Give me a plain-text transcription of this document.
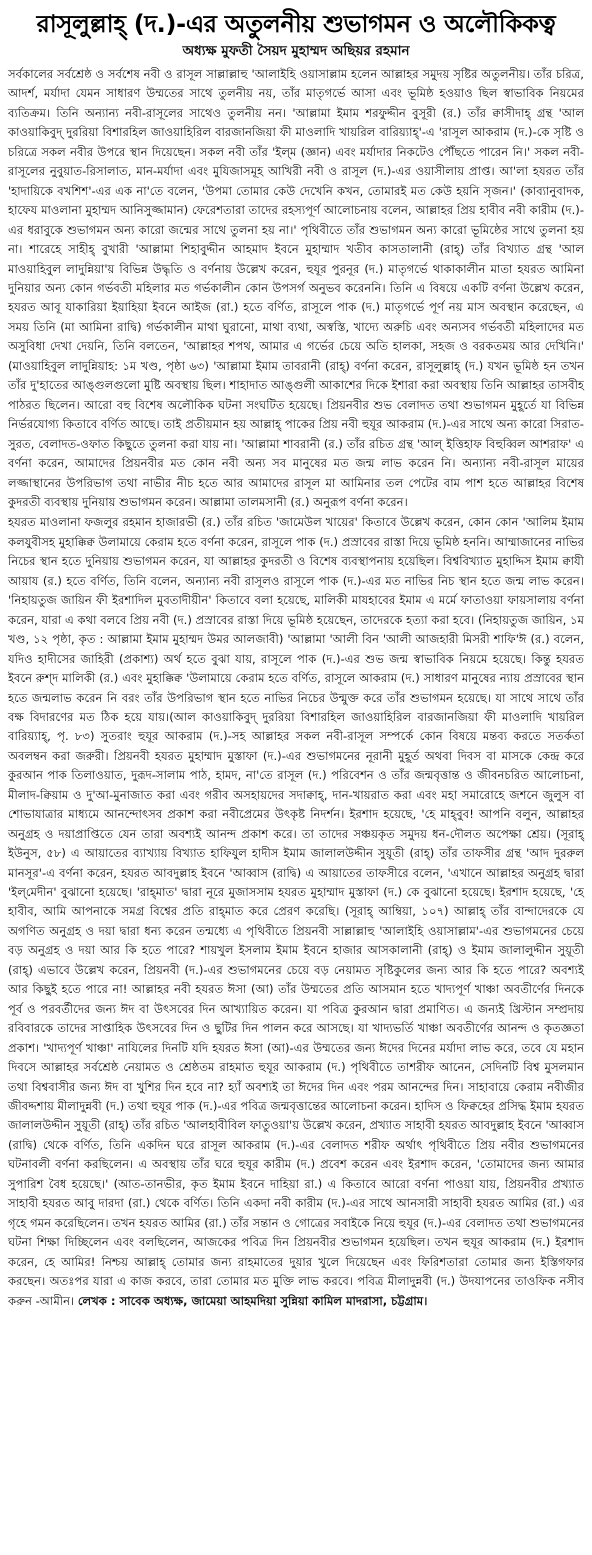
রাসূলুল্লাহ্‌ (দ.)-এর অতুলনীয় শুভাগমন ও অলৌকিকত্ব
অধ্যক্ষ মুফতী সৈয়দ মুহাম্মদ অছিয়র রহমান

সর্বকালের সর্বশ্রেষ্ঠ ও সর্বশেষ নবী ও রাসূল সাল্লাল্লাহু 'আলাইহি ওয়াসাল্লাম হলেন আল্লাহর সমুদয় সৃষ্টির অতুলনীয়। তাঁর চরিত্র, আদর্শ, মর্যাদা যেমন সাধারণ উম্মতের সাথে তুলনীয় নয়, তাঁর মাতৃগর্ভে আসা এবং ভূমিষ্ঠ হওয়াও ছিল স্বাভাবিক নিয়মের ব্যতিক্রম। তিনি অন্যান্য নবী-রাসূলের সাথেও তুলনীয় নন। 'আল্লামা ইমাম শরফুদ্দীন বুসূরী (র.) তাঁর ক্বাসীদাহ্ গ্রন্থ 'আল কাওয়াকিবুদ্ দুররিয়া বিশারহিল জাওয়াহিরিল বারজানজিয়া ফী মাওলাদি খায়রিল বারিয়্যাহ্'-এ 'রাসূল আকরাম (দ.)-কে সৃষ্টি ও চরিত্রে সকল নবীর উপরে স্থান দিয়েছেন। সকল নবী তাঁর 'ইল্‌ম (জ্ঞান) এবং মর্যাদার নিকটেও পৌঁছতে পারেন নি।' সকল নবী-রাসূলের নুবুয়াত-রিসালাত, মান-মর্যাদা এবং মুযিজাসমূহ আখিরী নবী ও রাসূল (দ.)-এর ওয়াসীলায় প্রাপ্ত। আ'লা হযরত তাঁর 'হাদায়িকে বখশিশ'-এর এক না'তে বলেন, 'উপমা তোমার কেউ দেখেনি কখন, তোমারই মত কেউ হয়নি সৃজন।' (কাব্যানুবাদক, হাফেয মাওলানা মুহাম্মদ আনিসুজ্জামান) ফেরেশতারা তাদের রহস্যপূর্ণ আলোচনায় বলেন, আল্লাহর প্রিয় হাবীব নবী কারীম (দ.)-এর ধরাবুকে শুভাগমন অন্য কারো জন্মের সাথে তুলনা হয় না।' পৃথিবীতে তাঁর শুভাগমন অন্য কারো ভূমিষ্ঠের সাথে তুলনা হয় না। শারেহে সাহীহ্ বুখারী 'আল্লামা শিহাবুদ্দীন আহমাদ ইবনে মুহাম্মাদ খতীব কাসতালানী (রাহ্) তাঁর বিখ্যাত গ্রন্থ 'আল মাওয়াহিবুল লাদুন্নিয়া'য় বিভিন্ন উদ্ধৃতি ও বর্ণনায় উল্লেখ করেন, হুযূর পুরনূর (দ.) মাতৃগর্ভে থাকাকালীন মাতা হযরত আমিনা দুনিয়ার অন্য কোন গর্ভবতী মহিলার মত গর্ভকালীন কোন উপসর্গ অনুভব করেননি। তিনি এ বিষয়ে একটি বর্ণনা উল্লেখ করেন, হযরত আবূ যাকারিয়া ইয়াহিয়া ইবনে আইজ (রা.) হতে বর্ণিত, রাসূলে পাক (দ.) মাতৃগর্ভে পূর্ণ নয় মাস অবস্থান করেছেন, এ সময় তিনি (মা আমিনা রাদ্বি) গর্ভকালীন মাথা ঘুরানো, মাথা ব্যথা, অস্বস্তি, খাদ্যে অরুচি এবং অন্যসব গর্ভবতী মহিলাদের মত অসুবিধা দেখা দেয়নি, তিনি বলতেন, 'আল্লাহর শপথ, আমার এ গর্ভের চেয়ে অতি হালকা, সহজ ও বরকতময় আর দেখিনি।' (মাওয়াহিবুল লাদুন্নিয়াহ: ১ম খণ্ড, পৃষ্ঠা ৬৩) 'আল্লামা ইমাম তাবরানী (রাহ্) বর্ণনা করেন, রাসূলুল্লাহ্ (দ.) যখন ভূমিষ্ঠ হন তখন তাঁর দু'হাতের আঙ্গুলগুলো মুষ্টি অবস্থায় ছিল। শাহাদাত আঙ্গুলী আকাশের দিকে ইশারা করা অবস্থায় তিনি আল্লাহর তাসবীহ পাঠরত ছিলেন। আরো বহু বিশেষ অলৌকিক ঘটনা সংঘটিত হয়েছে। প্রিয়নবীর শুভ বেলাদত তথা শুভাগমন মুহূর্তে যা বিভিন্ন নির্ভরযোগ্য কিতাবে বর্ণিত আছে। তাই প্রতীয়মান হয় আল্লাহ্ পাকের প্রিয় নবী হুযূর আকরাম (দ.)-এর সাথে অন্য কারো সিরাত-সুরত, বেলাদত-ওফাত কিছুতে তুলনা করা যায় না। 'আল্লামা শাবরানী (র.) তাঁর রচিত গ্রন্থ 'আল্ ইত্তিহাফ বিহুব্বিল আশরাফ' এ বর্ণনা করেন, আমাদের প্রিয়নবীর মত কোন নবী অন্য সব মানুষের মত জন্ম লাভ করেন নি। অন্যান্য নবী-রাসূল মায়ের লজ্জাস্থানের উপরিভাগ তথা নাভীর নীচ হতে আর আমাদের রাসূল মা আমিনার তল পেটের বাম পাশ হতে আল্লাহর বিশেষ কুদরতী ব্যবস্থায় দুনিয়ায় শুভাগমন করেন। আল্লামা তালমসানী (র.) অনুরূপ বর্ণনা করেন।

হযরত মাওলানা ফজলুর রহমান হাজারভী (র.) তাঁর রচিত 'জামেউল খায়ের' কিতাবে উল্লেখ করেন, কোন কোন 'আলিম ইমাম কলযুবীসহ মুহাক্কিক্ব উলামায়ে কেরাম হতে বর্ণনা করেন, রাসূলে পাক (দ.) প্রস্রাবের রাস্তা দিয়ে ভূমিষ্ঠ হননি। আম্মাজানের নাভির নিচের স্থান হতে দুনিয়ায় শুভাগমন করেন, যা আল্লাহর কুদরতী ও বিশেষ ব্যবস্থাপনায় হয়েছিল। বিশ্ববিখ্যাত মুহাদ্দিস ইমাম ক্বাযী আয়ায (র.) হতে বর্ণিত, তিনি বলেন, অন্যান্য নবী রাসূলও রাসূলে পাক (দ.)-এর মত নাভির নিচ স্থান হতে জন্ম লাভ করেন। 'নিহায়তুজ জায়িন ফী ইরশাদিল মুবতাদীয়ীন' কিতাবে বলা হয়েছে, মালিকী মাযহাবের ইমাম এ মর্মে ফাতাওয়া ফায়সালায় বর্ণনা করেন, যারা এ কথা বলবে প্রিয় নবী (দ.) প্রস্রাবের রাস্তা দিয়ে ভূমিষ্ঠ হয়েছেন, তাদেরকে হত্যা করা হবে। (নিহায়তুজ জায়িন, ১ম খণ্ড, ১২ পৃষ্ঠা, কৃত : আল্লামা ইমাম মুহাম্মদ উমর আলজাবী) 'আল্লামা 'আলী বিন 'আলী আজহারী মিসরী শাফি'ঈ (র.) বলেন, যদিও হাদীসের জাহিরী (প্রকাশ্য) অর্থ হতে বুঝা যায়, রাসূলে পাক (দ.)-এর শুভ জন্ম স্বাভাবিক নিয়মে হয়েছে। কিন্তু হযরত ইবনে রুশ্দ মালিকী (র.) এবং মুহাক্কিক্ব 'উলামায়ে কেরাম হতে বর্ণিত, রাসূলে আকরাম (দ.) সাধারণ মানুষের ন্যায় প্রস্রাবের স্থান হতে জন্মলাভ করেন নি বরং তাঁর উপরিভাগ স্থান হতে নাভির নিচের উন্মুক্ত করে তাঁর শুভাগমন হয়েছে। যা সাথে সাথে তাঁর বক্ষ বিদারণের মত ঠিক হয়ে যায়।(আল কাওয়াকিবুদ্ দুররিয়া বিশারহিল জাওয়াহিরিল বারজানজিয়া ফী মাওলাদি খায়রিল বারিয়্যাহ্, পৃ. ৮৩) সুতরাং হুযূর আকরাম (দ.)-সহ আল্লাহর সকল নবী-রাসূল সম্পর্কে কোন বিষয়ে মন্তব্য করতে সতর্কতা অবলম্বন করা জরুরী। প্রিয়নবী হযরত মুহাম্মাদ মুস্তাফা (দ.)-এর শুভাগমনের নূরানী মুহূর্ত অথবা দিবস বা মাসকে কেন্দ্র করে কুরআন পাক তিলাওয়াত, দুরূদ-সালাম পাঠ, হামদ, না'তে রাসূল (দ.) পরিবেশন ও তাঁর জন্মবৃত্তান্ত ও জীবনচরিত আলোচনা, মীলাদ-ক্বিয়াম ও দু'আ-মুনাজাত করা এবং গরীব অসহায়দের সদাক্বাহ্, দান-খায়রাত করা এবং মহা সমারোহে জশনে জুলুস বা শোভাযাত্রার মাধ্যমে আনন্দোৎসব প্রকাশ করা নবীপ্রেমের উৎকৃষ্ট নিদর্শন। ইরশাদ হয়েছে, 'হে মাহ্‌বুব! আপনি বলুন, আল্লাহর অনুগ্রহ ও দয়াপ্রাপ্তিতে যেন তারা অবশ্যই আনন্দ প্রকাশ করে। তা তাদের সঞ্চয়কৃত সমুদয় ধন-দৌলত অপেক্ষা শ্রেয়। (সূরাহ্ ইউনুস, ৫৮) এ আয়াতের ব্যাখ্যায় বিখ্যাত হাফিযুল হাদীস ইমাম জালালউদ্দীন সুয়ূতী (রাহ্) তাঁর তাফসীর গ্রন্থ 'আদ দুররুল মানসূর'-এ বর্ণনা করেন, হযরত আবদুল্লাহ ইবনে 'আব্বাস (রাদ্বি) এ আয়াতের তাফসীরে বলেন, 'এখানে আল্লাহর অনুগ্রহ দ্বারা 'ইল্‌মেদীন' বুঝানো হয়েছে। 'রাহ্‌মাত' দ্বারা নূরে মুজাসসাম হযরত মুহাম্মাদ মুস্তাফা (দ.) কে বুঝানো হয়েছে। ইরশাদ হয়েছে, 'হে হাবীব, আমি আপনাকে সমগ্র বিশ্বের প্রতি রাহ্‌মাত করে প্রেরণ করেছি। (সূরাহ্ আম্বিয়া, ১০৭) আল্লাহ্ তাঁর বান্দাদেরকে যে অগণিত অনুগ্রহ ও দয়া দ্বারা ধন্য করেন তন্মধ্যে এ পৃথিবীতে প্রিয়নবী সাল্লাল্লাহু 'আলাইহি ওয়াসাল্লাম'-এর শুভাগমনের চেয়ে বড় অনুগ্রহ ও দয়া আর কি হতে পারে? শায়খুল ইসলাম ইমাম ইবনে হাজার আসকালানী (রাহ্) ও ইমাম জালালুদ্দীন সুয়ূতী (রাহ্) এভাবে উল্লেখ করেন, প্রিয়নবী (দ.)-এর শুভাগমনের চেয়ে বড় নেয়ামত সৃষ্টিকুলের জন্য আর কি হতে পারে? অবশ্যই আর কিছুই হতে পারে না! আল্লাহর নবী হযরত ঈসা (আ) তাঁর উম্মতের প্রতি আসমান হতে খাদ্যপূর্ণ খাঞ্চা অবতীর্ণের দিনকে পূর্ব ও পরবর্তীদের জন্য ঈদ বা উৎসবের দিন আখ্যায়িত করেন। যা পবিত্র কুরআন দ্বারা প্রমাণিত। এ জন্যই খ্রিস্টান সম্প্রদায় রবিবারকে তাদের সাপ্তাহিক উৎসবের দিন ও ছুটির দিন পালন করে আসছে। যা খাদ্যভর্তি খাঞ্চা অবতীর্ণের আনন্দ ও কৃতজ্ঞতা প্রকাশ। 'খাদ্যপূর্ণ খাঞ্চা' নাযিলের দিনটি যদি হযরত ঈসা (আ)-এর উম্মতের জন্য ঈদের দিনের মর্যাদা লাভ করে, তবে যে মহান দিবসে আল্লাহর সর্বশ্রেষ্ঠ নেয়ামত ও শ্রেষ্ঠতম রাহমাত হুযূর আকরাম (দ.) পৃথিবীতে তাশরীফ আনেন, সেদিনটি বিশ্ব মুসলমান তথা বিশ্ববাসীর জন্য ঈদ বা খুশির দিন হবে না? হ্যাঁ অবশ্যই তা ঈদের দিন এবং পরম আনন্দের দিন। সাহাবায়ে কেরাম নবীজীর জীবদ্দশায় মীলাদুন্নবী (দ.) তথা হুযূর পাক (দ.)-এর পবিত্র জন্মবৃত্তান্তের আলোচনা করেন। হাদিস ও ফিক্বহের প্রসিদ্ধ ইমাম হযরত জালালউদ্দীন সুয়ূতী (রাহ্) তাঁর রচিত 'আলহাবীবিল ফাতুওয়া'য় উল্লেখ করেন, প্রখ্যাত সাহাবী হযরত আবদুল্লাহ ইবনে 'আব্বাস (রাদ্বি) থেকে বর্ণিত, তিনি একদিন ঘরে রাসূল আকরাম (দ.)-এর বেলাদত শরীফ অর্থাৎ পৃথিবীতে প্রিয় নবীর শুভাগমনের ঘটনাবলী বর্ণনা করছিলেন। এ অবস্থায় তাঁর ঘরে হুযূর কারীম (দ.) প্রবেশ করেন এবং ইরশাদ করেন, 'তোমাদের জন্য আমার সুপারিশ বৈধ হয়েছে।' (আত-তানভীর, কৃত ইমাম ইবনে দাহিয়া রা.) এ কিতাবে আরো বর্ণনা পাওয়া যায়, প্রিয়নবীর প্রখ্যাত সাহাবী হযরত আবু দারদা (রা.) থেকে বর্ণিত। তিনি একদা নবী কারীম (দ.)-এর সাথে আনসারী সাহাবী হযরত আমির (রা.) এর গৃহে গমন করেছিলেন। তখন হযরত আমির (রা.) তাঁর সন্তান ও গোত্রের সবাইকে নিয়ে হুযূর (দ.)-এর বেলাদত তথা শুভাগমনের ঘটনা শিক্ষা দিচ্ছিলেন এবং বলছিলেন, আজকের পবিত্র দিন প্রিয়নবীর শুভাগমন হয়েছিল। তখন হুযূর আকরাম (দ.) ইরশাদ করেন, হে আমির! নিশ্চয় আল্লাহ্ তোমার জন্য রাহমাতের দুয়ার খুলে দিয়েছেন এবং ফিরিশতারা তোমার জন্য ইস্তিগফার করছেন। অতঃপর যারা এ কাজ করবে, তারা তোমার মত মুক্তি লাভ করবে। পবিত্র মীলাদুন্নবী (দ.) উদযাপনের তাওফিক নসীব করুন -আমীন। লেখক : সাবেক অধ্যক্ষ, জামেয়া আহমদিয়া সুন্নিয়া কামিল মাদরাসা, চট্টগ্রাম।
